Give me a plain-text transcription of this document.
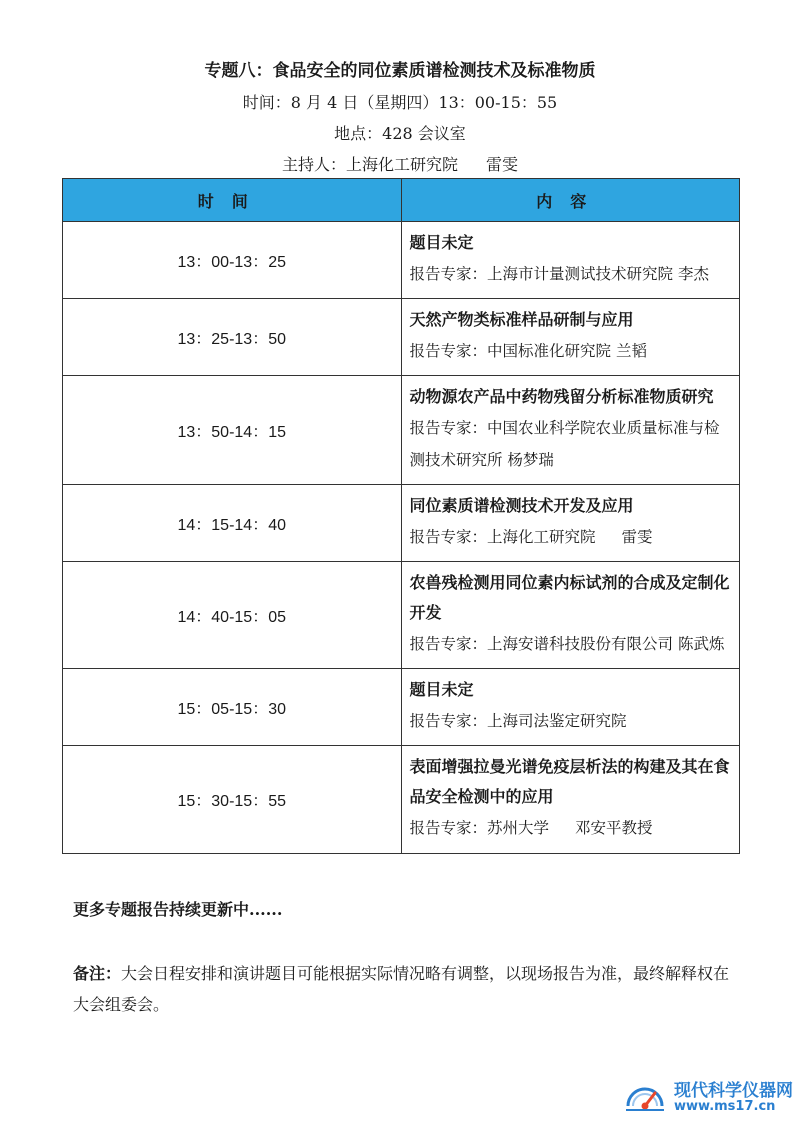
专题八：食品安全的同位素质谱检测技术及标准物质
时间：8 月 4 日（星期四）13：00-15：55
地点：428 会议室
主持人：上海化工研究院 雷雯
时间	内容
13：00-13：25	题目未定
报告专家：上海市计量测试技术研究院 李杰

13：25-13：50	天然产物类标准样品研制与应用
报告专家：中国标准化研究院 兰韬

13：50-14：15	动物源农产品中药物残留分析标准物质研究
报告专家：中国农业科学院农业质量标准与检测技术研究所 杨梦瑞

14：15-14：40	同位素质谱检测技术开发及应用
报告专家：上海化工研究院 雷雯

14：40-15：05	农兽残检测用同位素内标试剂的合成及定制化开发
报告专家：上海安谱科技股份有限公司 陈武炼

15：05-15：30	题目未定
报告专家：上海司法鉴定研究院

15：30-15：55	表面增强拉曼光谱免疫层析法的构建及其在食品安全检测中的应用
报告专家：苏州大学 邓安平教授
更多专题报告持续更新中......
备注：大会日程安排和演讲题目可能根据实际情况略有调整，以现场报告为准，最终解释权在大会组委会。
现代科学仪器网
www.ms17.cn
